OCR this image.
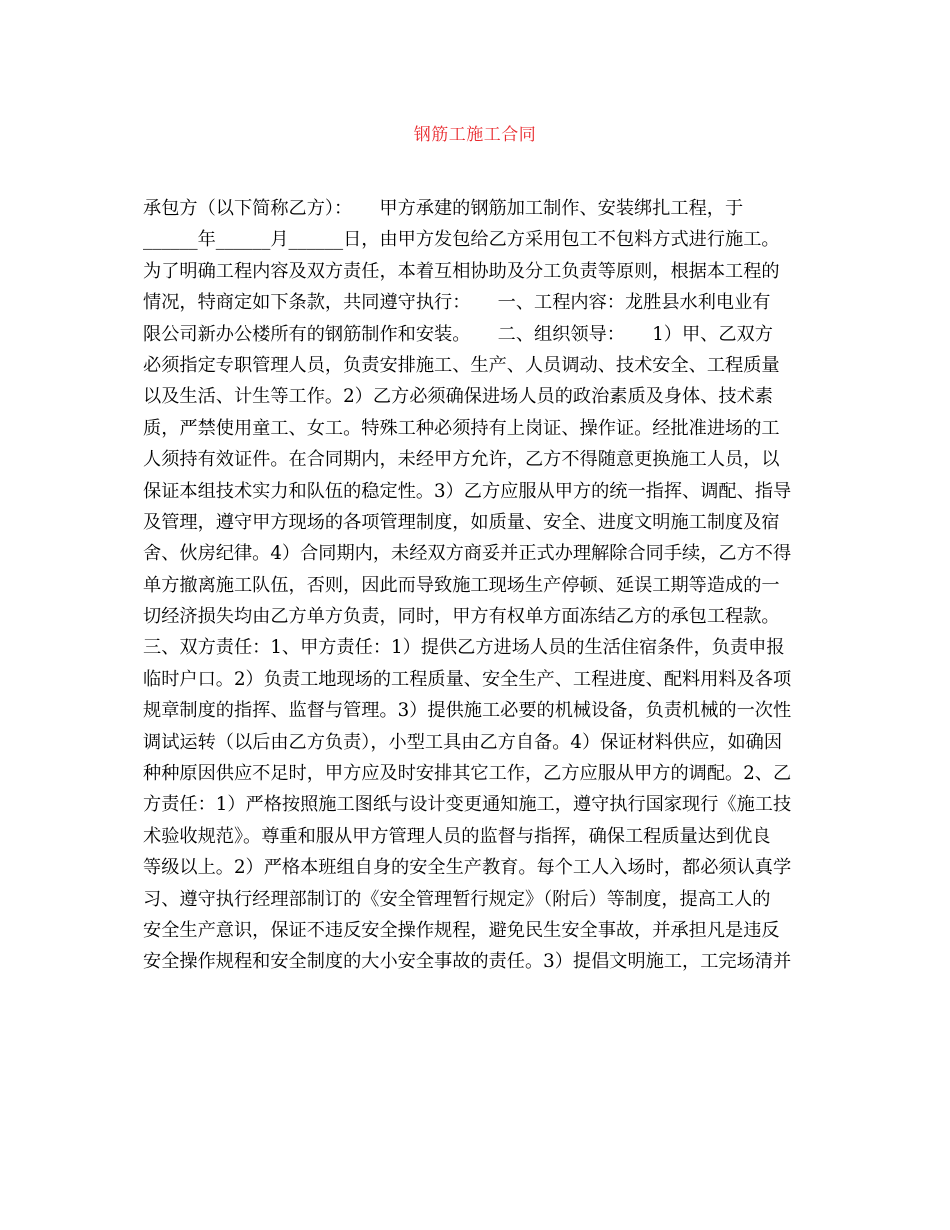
钢筋工施工合同
承包方（以下简称乙方）：　　甲方承建的钢筋加工制作、安装绑扎工程，于
______年______月______日，由甲方发包给乙方采用包工不包料方式进行施工。
为了明确工程内容及双方责任，本着互相协助及分工负责等原则，根据本工程的
情况，特商定如下条款，共同遵守执行：　　一、工程内容：龙胜县水利电业有
限公司新办公楼所有的钢筋制作和安装。　　二、组织领导：　　1）甲、乙双方
必须指定专职管理人员，负责安排施工、生产、人员调动、技术安全、工程质量
以及生活、计生等工作。2）乙方必须确保进场人员的政治素质及身体、技术素
质，严禁使用童工、女工。特殊工种必须持有上岗证、操作证。经批准进场的工
人须持有效证件。在合同期内，未经甲方允许，乙方不得随意更换施工人员，以
保证本组技术实力和队伍的稳定性。3）乙方应服从甲方的统一指挥、调配、指导
及管理，遵守甲方现场的各项管理制度，如质量、安全、进度文明施工制度及宿
舍、伙房纪律。4）合同期内，未经双方商妥并正式办理解除合同手续，乙方不得
单方撤离施工队伍，否则，因此而导致施工现场生产停顿、延误工期等造成的一
切经济损失均由乙方单方负责，同时，甲方有权单方面冻结乙方的承包工程款。
三、双方责任：1、甲方责任：1）提供乙方进场人员的生活住宿条件，负责申报
临时户口。2）负责工地现场的工程质量、安全生产、工程进度、配料用料及各项
规章制度的指挥、监督与管理。3）提供施工必要的机械设备，负责机械的一次性
调试运转（以后由乙方负责），小型工具由乙方自备。4）保证材料供应，如确因
种种原因供应不足时，甲方应及时安排其它工作，乙方应服从甲方的调配。2、乙
方责任：1）严格按照施工图纸与设计变更通知施工，遵守执行国家现行《施工技
术验收规范》。尊重和服从甲方管理人员的监督与指挥，确保工程质量达到优良
等级以上。2）严格本班组自身的安全生产教育。每个工人入场时，都必须认真学
习、遵守执行经理部制订的《安全管理暂行规定》（附后）等制度，提高工人的
安全生产意识，保证不违反安全操作规程，避免民生安全事故，并承担凡是违反
安全操作规程和安全制度的大小安全事故的责任。3）提倡文明施工，工完场清并
